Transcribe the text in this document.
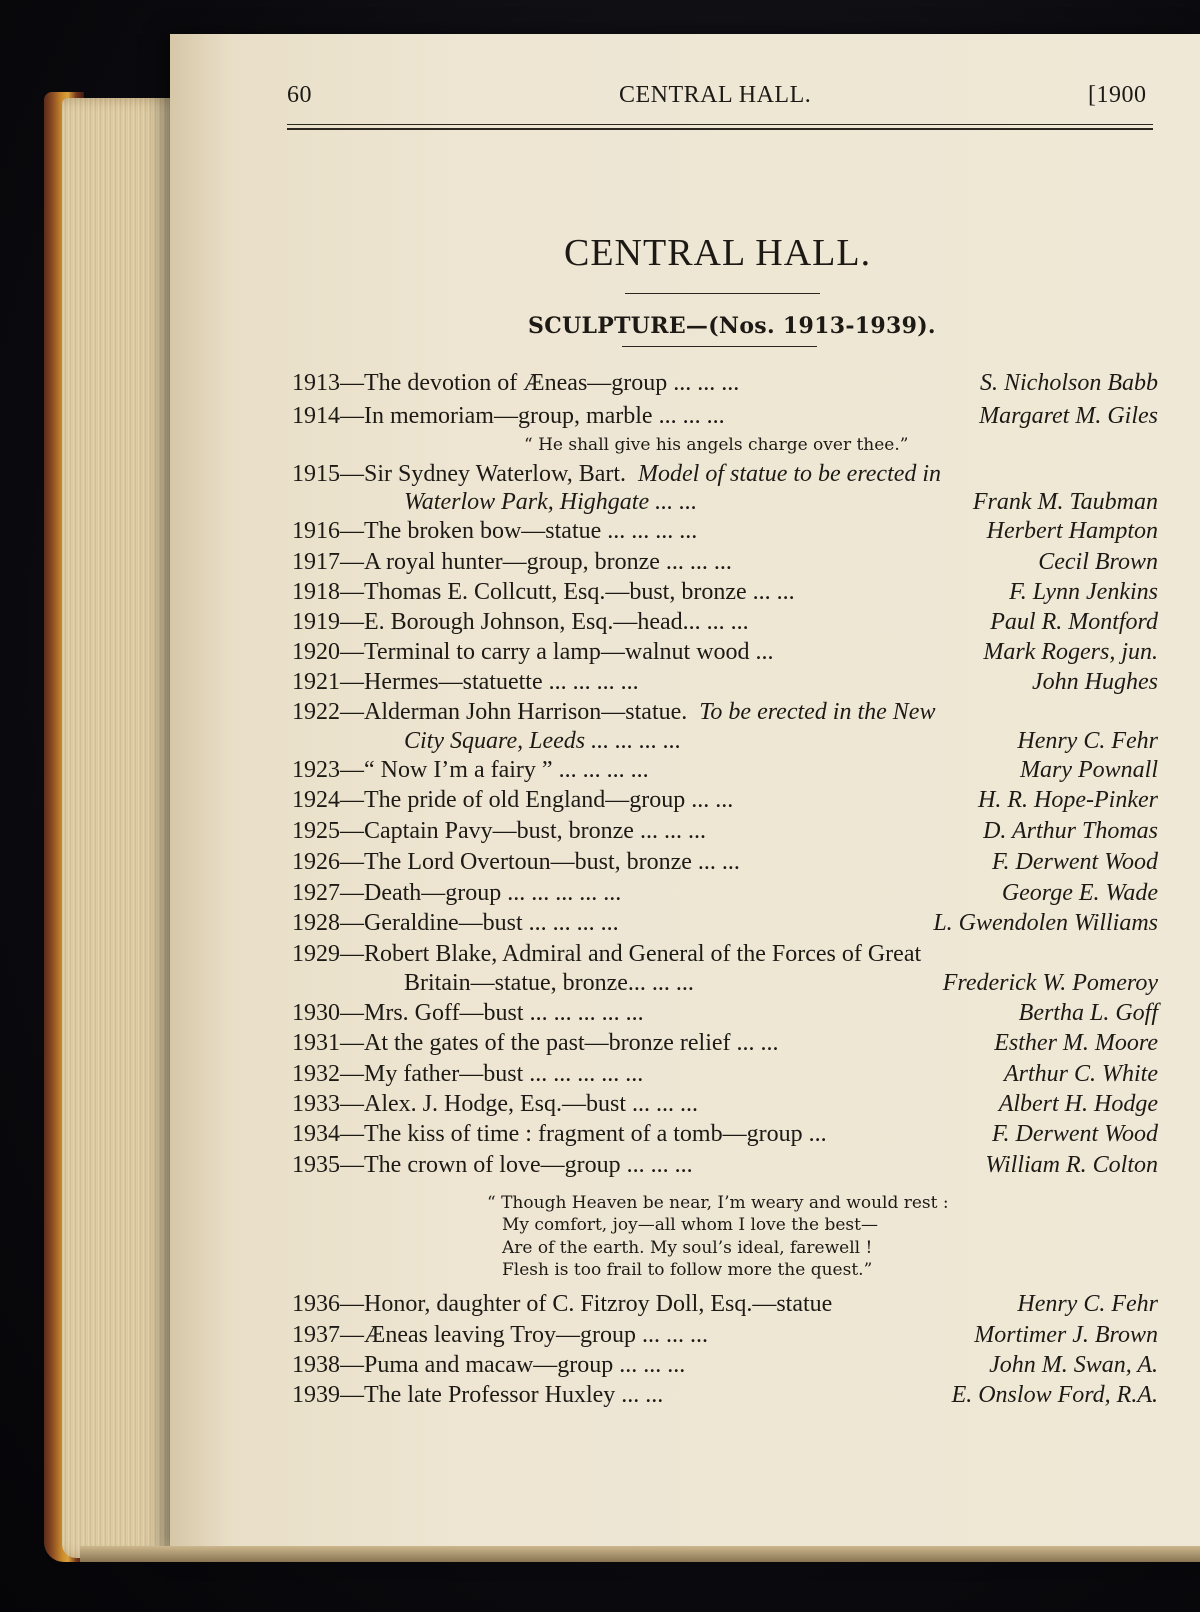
60	CENTRAL HALL.	[1900
CENTRAL HALL.
SCULPTURE—(Nos. 1913-1939).
1913—The devotion of Æneas—group ... ... ...	S. Nicholson Babb
1914—In memoriam—group, marble ... ... ...	Margaret M. Giles
“ He shall give his angels charge over thee.”
1915—Sir Sydney Waterlow, Bart. Model of statue to be erected in
Waterlow Park, Highgate ... ...	Frank M. Taubman
1916—The broken bow—statue ... ... ... ...	Herbert Hampton
1917—A royal hunter—group, bronze ... ... ...	Cecil Brown
1918—Thomas E. Collcutt, Esq.—bust, bronze ... ...	F. Lynn Jenkins
1919—E. Borough Johnson, Esq.—head... ... ...	Paul R. Montford
1920—Terminal to carry a lamp—walnut wood ...	Mark Rogers, jun.
1921—Hermes—statuette ... ... ... ...	John Hughes
1922—Alderman John Harrison—statue. To be erected in the New
City Square, Leeds ... ... ... ...	Henry C. Fehr
1923—“ Now I’m a fairy ” ... ... ... ...	Mary Pownall
1924—The pride of old England—group ... ...	H. R. Hope-Pinker
1925—Captain Pavy—bust, bronze ... ... ...	D. Arthur Thomas
1926—The Lord Overtoun—bust, bronze ... ...	F. Derwent Wood
1927—Death—group ... ... ... ... ...	George E. Wade
1928—Geraldine—bust ... ... ... ...	L. Gwendolen Williams
1929—Robert Blake, Admiral and General of the Forces of Great
Britain—statue, bronze... ... ...	Frederick W. Pomeroy
1930—Mrs. Goff—bust ... ... ... ... ...	Bertha L. Goff
1931—At the gates of the past—bronze relief ... ...	Esther M. Moore
1932—My father—bust ... ... ... ... ...	Arthur C. White
1933—Alex. J. Hodge, Esq.—bust ... ... ...	Albert H. Hodge
1934—The kiss of time : fragment of a tomb—group ...	F. Derwent Wood
1935—The crown of love—group ... ... ...	William R. Colton
“ Though Heaven be near, I’m weary and would rest :
My comfort, joy—all whom I love the best—
Are of the earth. My soul’s ideal, farewell !
Flesh is too frail to follow more the quest.”
1936—Honor, daughter of C. Fitzroy Doll, Esq.—statue	Henry C. Fehr
1937—Æneas leaving Troy—group ... ... ...	Mortimer J. Brown
1938—Puma and macaw—group ... ... ...	John M. Swan, A.
1939—The late Professor Huxley ... ...	E. Onslow Ford, R.A.
